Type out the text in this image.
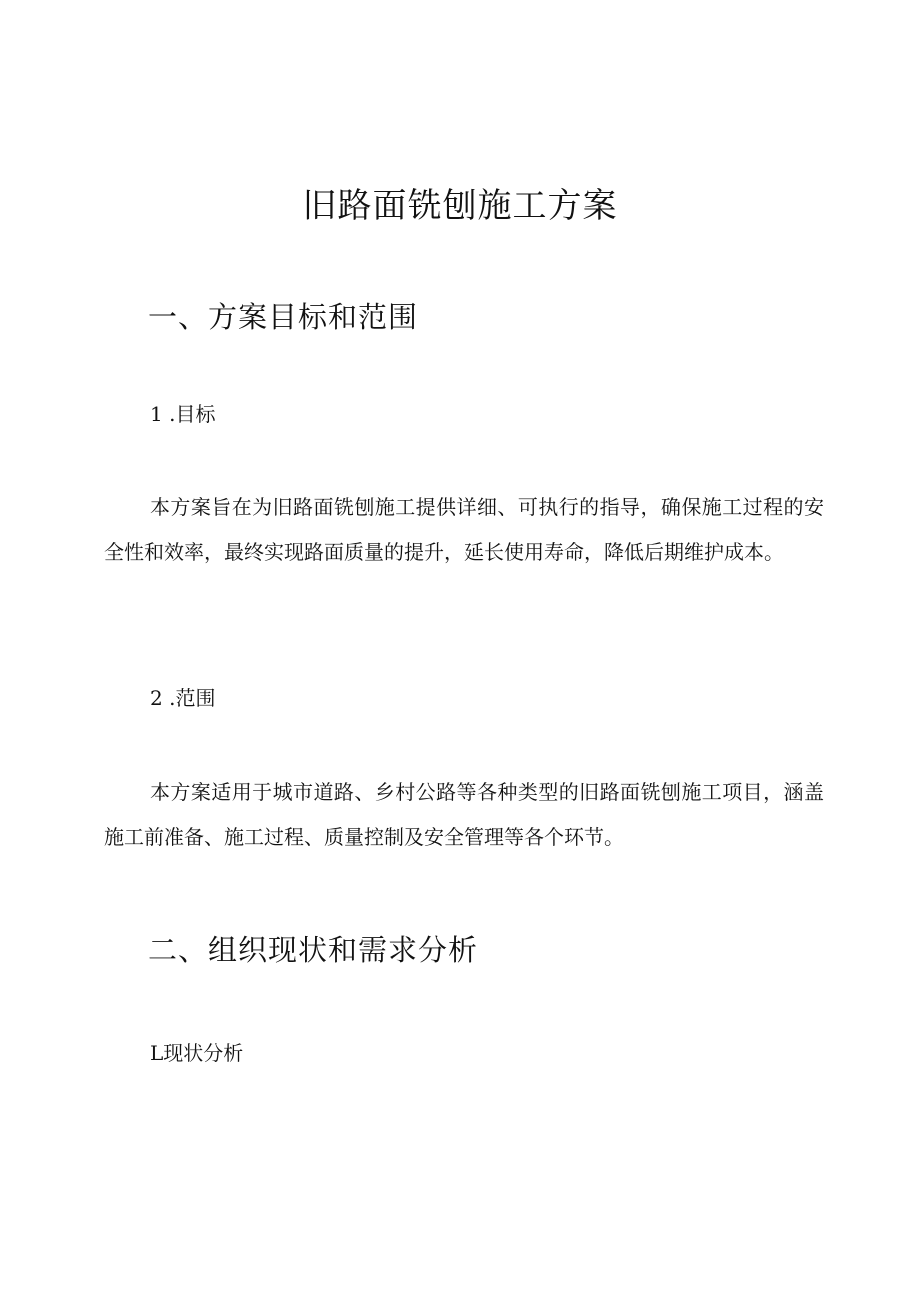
旧路面铣刨施工方案
一、方案目标和范围
1 .目标
本方案旨在为旧路面铣刨施工提供详细、可执行的指导，确保施工过程的安全性和效率，最终实现路面质量的提升，延长使用寿命，降低后期维护成本。
2 .范围
本方案适用于城市道路、乡村公路等各种类型的旧路面铣刨施工项目，涵盖施工前准备、施工过程、质量控制及安全管理等各个环节。
二、组织现状和需求分析
L现状分析
